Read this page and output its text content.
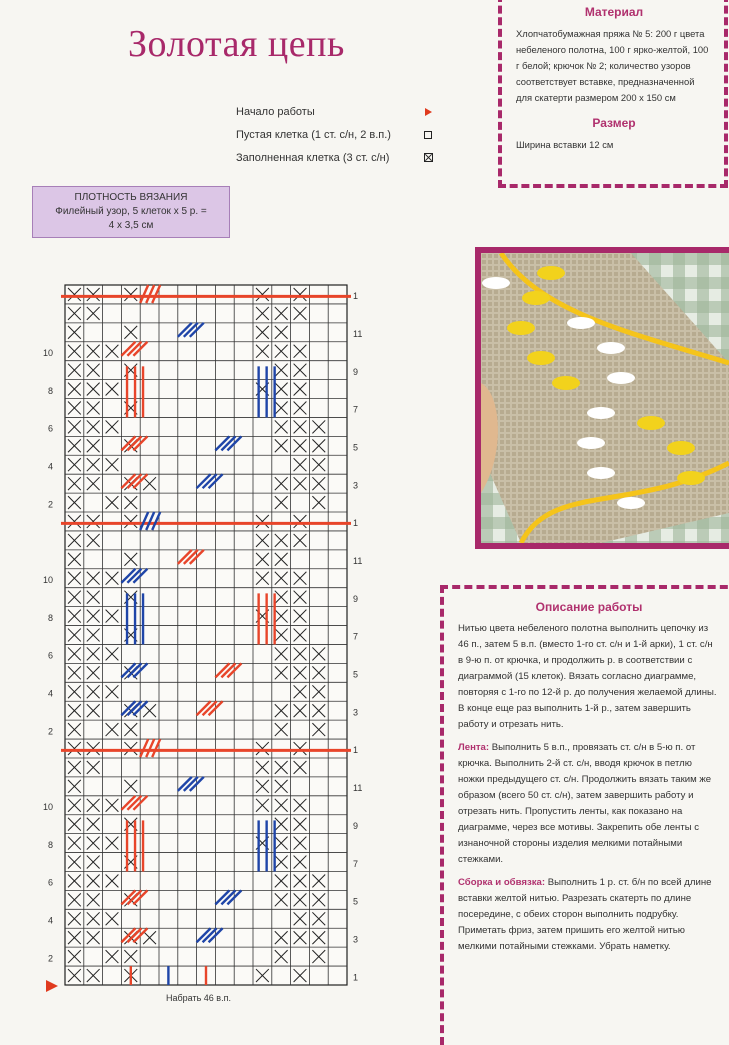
Золотая цепь
Начало работы
Пустая клетка (1 ст. с/н, 2 в.п.)
Заполненная клетка (3 ст. с/н)
ПЛОТНОСТЬ ВЯЗАНИЯ
Филейный узор, 5 клеток х 5 р. =
4 х 3,5 см
Материал

Хлопчатобумажная пряжа № 5: 200 г цвета небеленого полотна, 100 г ярко-желтой, 100 г белой; крючок № 2; количество узоров соответствует вставке, предназначенной для скатерти размером 200 х 150 см

Размер

Ширина вставки 12 см

Описание работы

Нитью цвета небеленого полотна выполнить цепочку из 46 п., затем 5 в.п. (вместо 1-го ст. с/н и 1-й арки), 1 ст. с/н в 9-ю п. от крючка, и продолжить р. в соответствии с диаграммой (15 клеток). Вязать согласно диаграмме, повторяя с 1-го по 12-й р. до получения желаемой длины. В конце еще раз выполнить 1-й р., затем завершить работу и отрезать нить.

Лента: Выполнить 5 в.п., провязать ст. с/н в 5-ю п. от крючка. Выполнить 2-й ст. с/н, вводя крючок в петлю ножки предыдущего ст. с/н. Продолжить вязать таким же образом (всего 50 ст. с/н), затем завершить работу и отрезать нить. Пропустить ленты, как показано на диаграмме, через все мотивы. Закрепить обе ленты с изнаночной стороны изделия мелкими потайными стежками.

Сборка и обвязка: Выполнить 1 р. ст. б/н по всей длине вставки желтой нитью. Разрезать скатерть по длине посередине, с обеих сторон выполнить подрубку. Приметать фриз, затем пришить его желтой нитью мелкими потайными стежками. Убрать наметку.

10
8
6
4
2
10
8
6
4
2
10
8
6
4
2
1
11
9
7
5
3
1
11
9
7
5
3
1
11
9
7
5
3
1
Набрать 46 в.п.
